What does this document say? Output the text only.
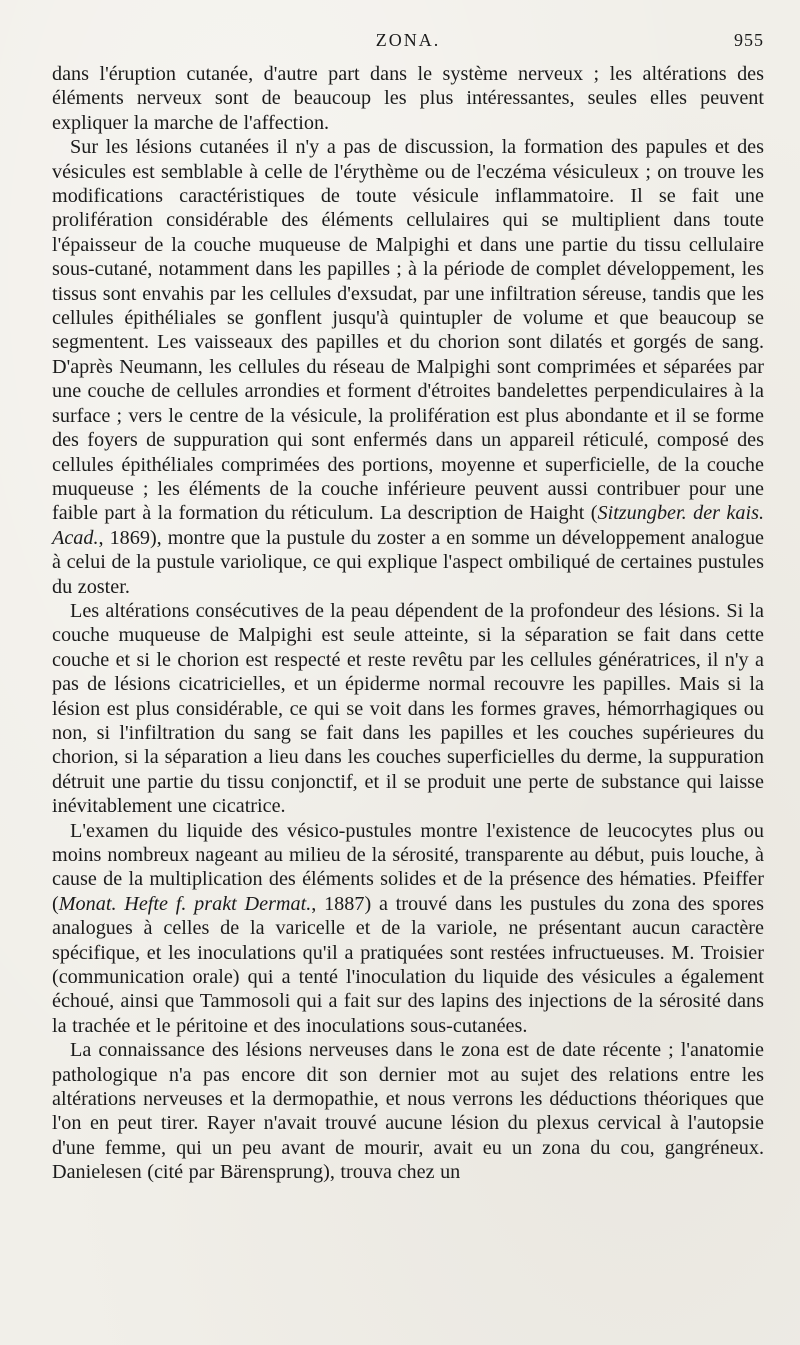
ZONA.	955

dans l'éruption cutanée, d'autre part dans le système nerveux ; les altérations des éléments nerveux sont de beaucoup les plus intéressantes, seules elles peuvent expliquer la marche de l'affection.

Sur les lésions cutanées il n'y a pas de discussion, la formation des papules et des vésicules est semblable à celle de l'érythème ou de l'eczéma vésiculeux ; on trouve les modifications caractéristiques de toute vésicule inflammatoire. Il se fait une prolifération considérable des éléments cellulaires qui se multiplient dans toute l'épaisseur de la couche muqueuse de Malpighi et dans une partie du tissu cellulaire sous-cutané, notamment dans les papilles ; à la période de complet développement, les tissus sont envahis par les cellules d'exsudat, par une infiltration séreuse, tandis que les cellules épithéliales se gonflent jusqu'à quintupler de volume et que beaucoup se segmentent. Les vaisseaux des papilles et du chorion sont dilatés et gorgés de sang. D'après Neumann, les cellules du réseau de Malpighi sont comprimées et séparées par une couche de cellules arrondies et forment d'étroites bandelettes perpendiculaires à la surface ; vers le centre de la vésicule, la prolifération est plus abondante et il se forme des foyers de suppuration qui sont enfermés dans un appareil réticulé, composé des cellules épithéliales comprimées des portions, moyenne et superficielle, de la couche muqueuse ; les éléments de la couche inférieure peuvent aussi contribuer pour une faible part à la formation du réticulum. La description de Haight (Sitzungber. der kais. Acad., 1869), montre que la pustule du zoster a en somme un développement analogue à celui de la pustule variolique, ce qui explique l'aspect ombiliqué de certaines pustules du zoster.

Les altérations consécutives de la peau dépendent de la profondeur des lésions. Si la couche muqueuse de Malpighi est seule atteinte, si la séparation se fait dans cette couche et si le chorion est respecté et reste revêtu par les cellules génératrices, il n'y a pas de lésions cicatricielles, et un épiderme normal recouvre les papilles. Mais si la lésion est plus considérable, ce qui se voit dans les formes graves, hémorrhagiques ou non, si l'infiltration du sang se fait dans les papilles et les couches supérieures du chorion, si la séparation a lieu dans les couches superficielles du derme, la suppuration détruit une partie du tissu conjonctif, et il se produit une perte de substance qui laisse inévitablement une cicatrice.

L'examen du liquide des vésico-pustules montre l'existence de leucocytes plus ou moins nombreux nageant au milieu de la sérosité, transparente au début, puis louche, à cause de la multiplication des éléments solides et de la présence des hématies. Pfeiffer (Monat. Hefte f. prakt Dermat., 1887) a trouvé dans les pustules du zona des spores analogues à celles de la varicelle et de la variole, ne présentant aucun caractère spécifique, et les inoculations qu'il a pratiquées sont restées infructueuses. M. Troisier (communication orale) qui a tenté l'inoculation du liquide des vésicules a également échoué, ainsi que Tammosoli qui a fait sur des lapins des injections de la sérosité dans la trachée et le péritoine et des inoculations sous-cutanées.

La connaissance des lésions nerveuses dans le zona est de date récente ; l'anatomie pathologique n'a pas encore dit son dernier mot au sujet des relations entre les altérations nerveuses et la dermopathie, et nous verrons les déductions théoriques que l'on en peut tirer. Rayer n'avait trouvé aucune lésion du plexus cervical à l'autopsie d'une femme, qui un peu avant de mourir, avait eu un zona du cou, gangréneux. Danielesen (cité par Bärensprung), trouva chez un
